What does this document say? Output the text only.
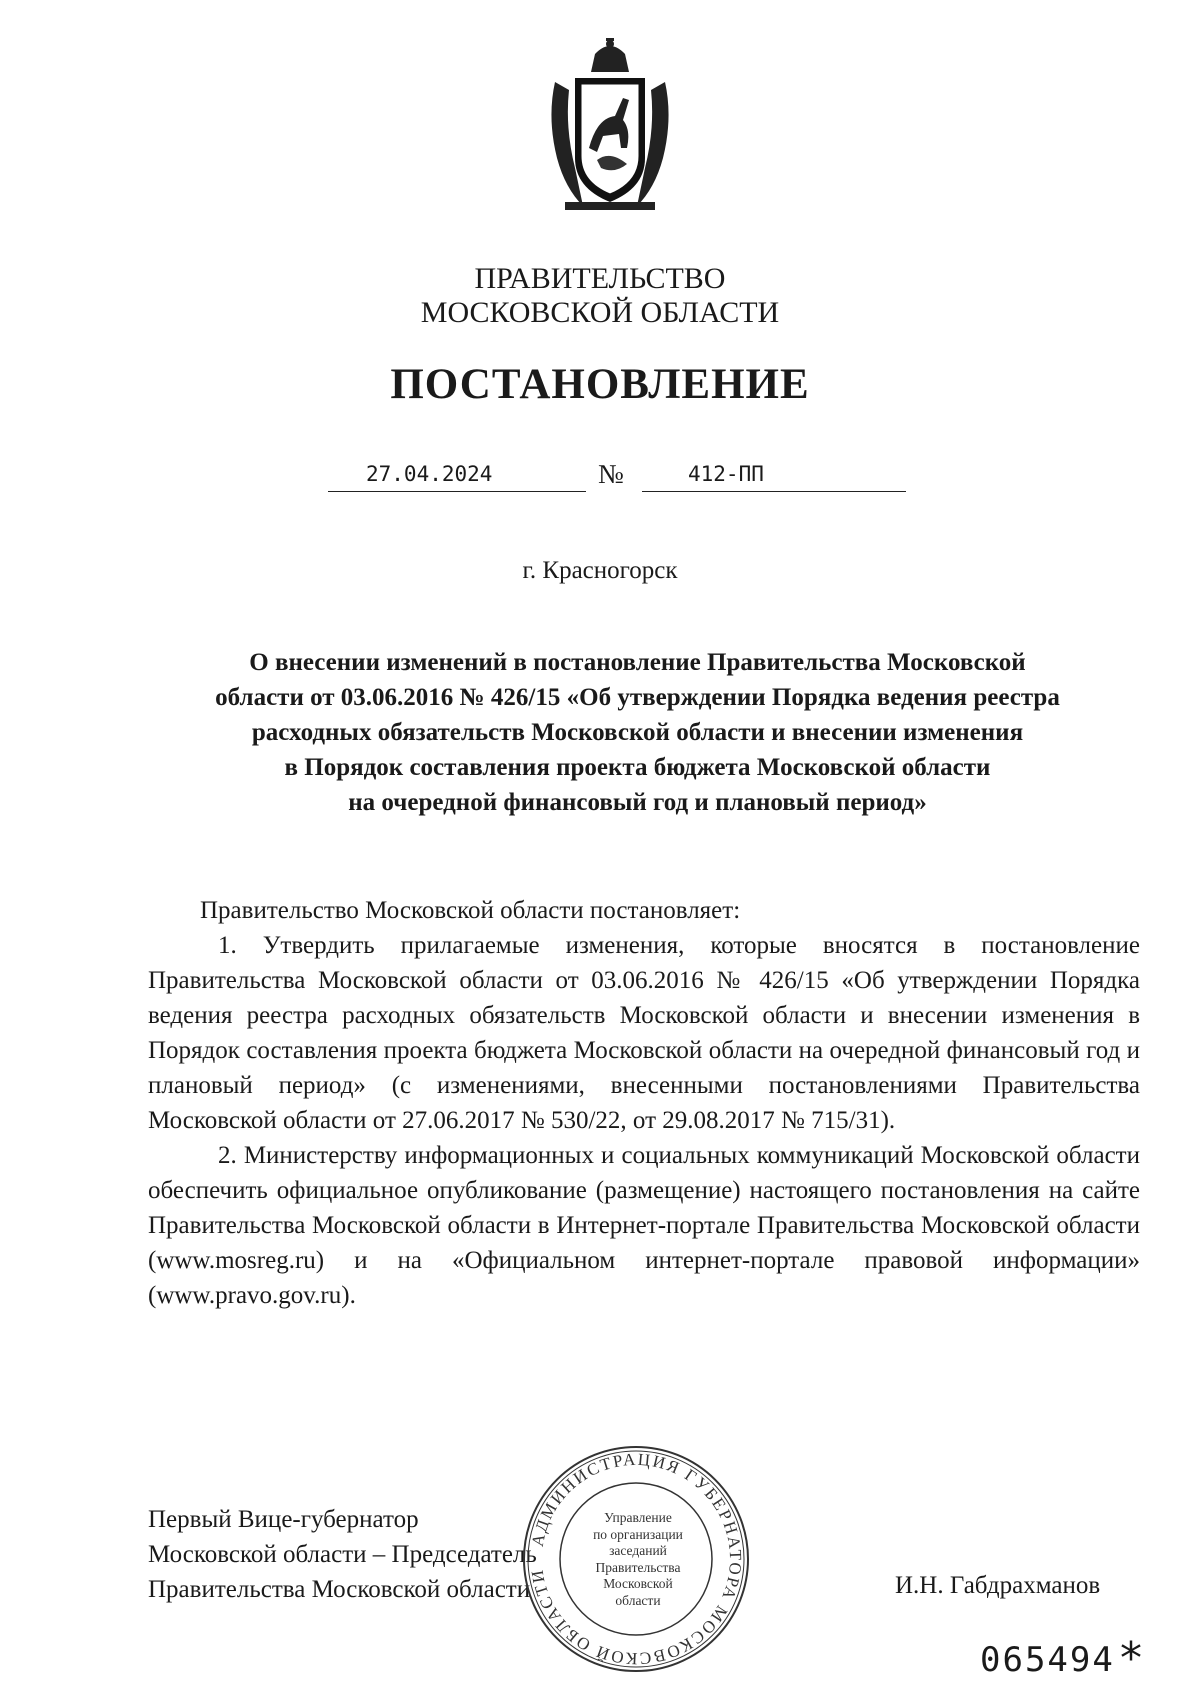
ПРАВИТЕЛЬСТВО
МОСКОВСКОЙ ОБЛАСТИ
ПОСТАНОВЛЕНИЕ
27.04.2024	№	412-ПП
г. Красногорск
О внесении изменений в постановление Правительства Московской
области от 03.06.2016 № 426/15 «Об утверждении Порядка ведения реестра
расходных обязательств Московской области и внесении изменения
в Порядок составления проекта бюджета Московской области
на очередной финансовый год и плановый период»

Правительство Московской области постановляет:

1. Утвердить прилагаемые изменения, которые вносятся в постановление Правительства Московской области от 03.06.2016 № 426/15 «Об утверждении Порядка ведения реестра расходных обязательств Московской области и внесении изменения в Порядок составления проекта бюджета Московской области на очередной финансовый год и плановый период» (с изменениями, внесенными постановлениями Правительства Московской области от 27.06.2017 № 530/22, от 29.08.2017 № 715/31).

2. Министерству информационных и социальных коммуникаций Московской области обеспечить официальное опубликование (размещение) настоящего постановления на сайте Правительства Московской области в Интернет-портале Правительства Московской области (www.mosreg.ru) и на «Официальном интернет-портале правовой информации» (www.pravo.gov.ru).

Первый Вице-губернатор
Московской области – Председатель
Правительства Московской области	И.Н. Габдрахманов
АДМИНИСТРАЦИЯ ГУБЕРНАТОРА МОСКОВСКОЙ ОБЛАСТИ
Управление
по организации
заседаний
Правительства
Московской
области
065494 *
